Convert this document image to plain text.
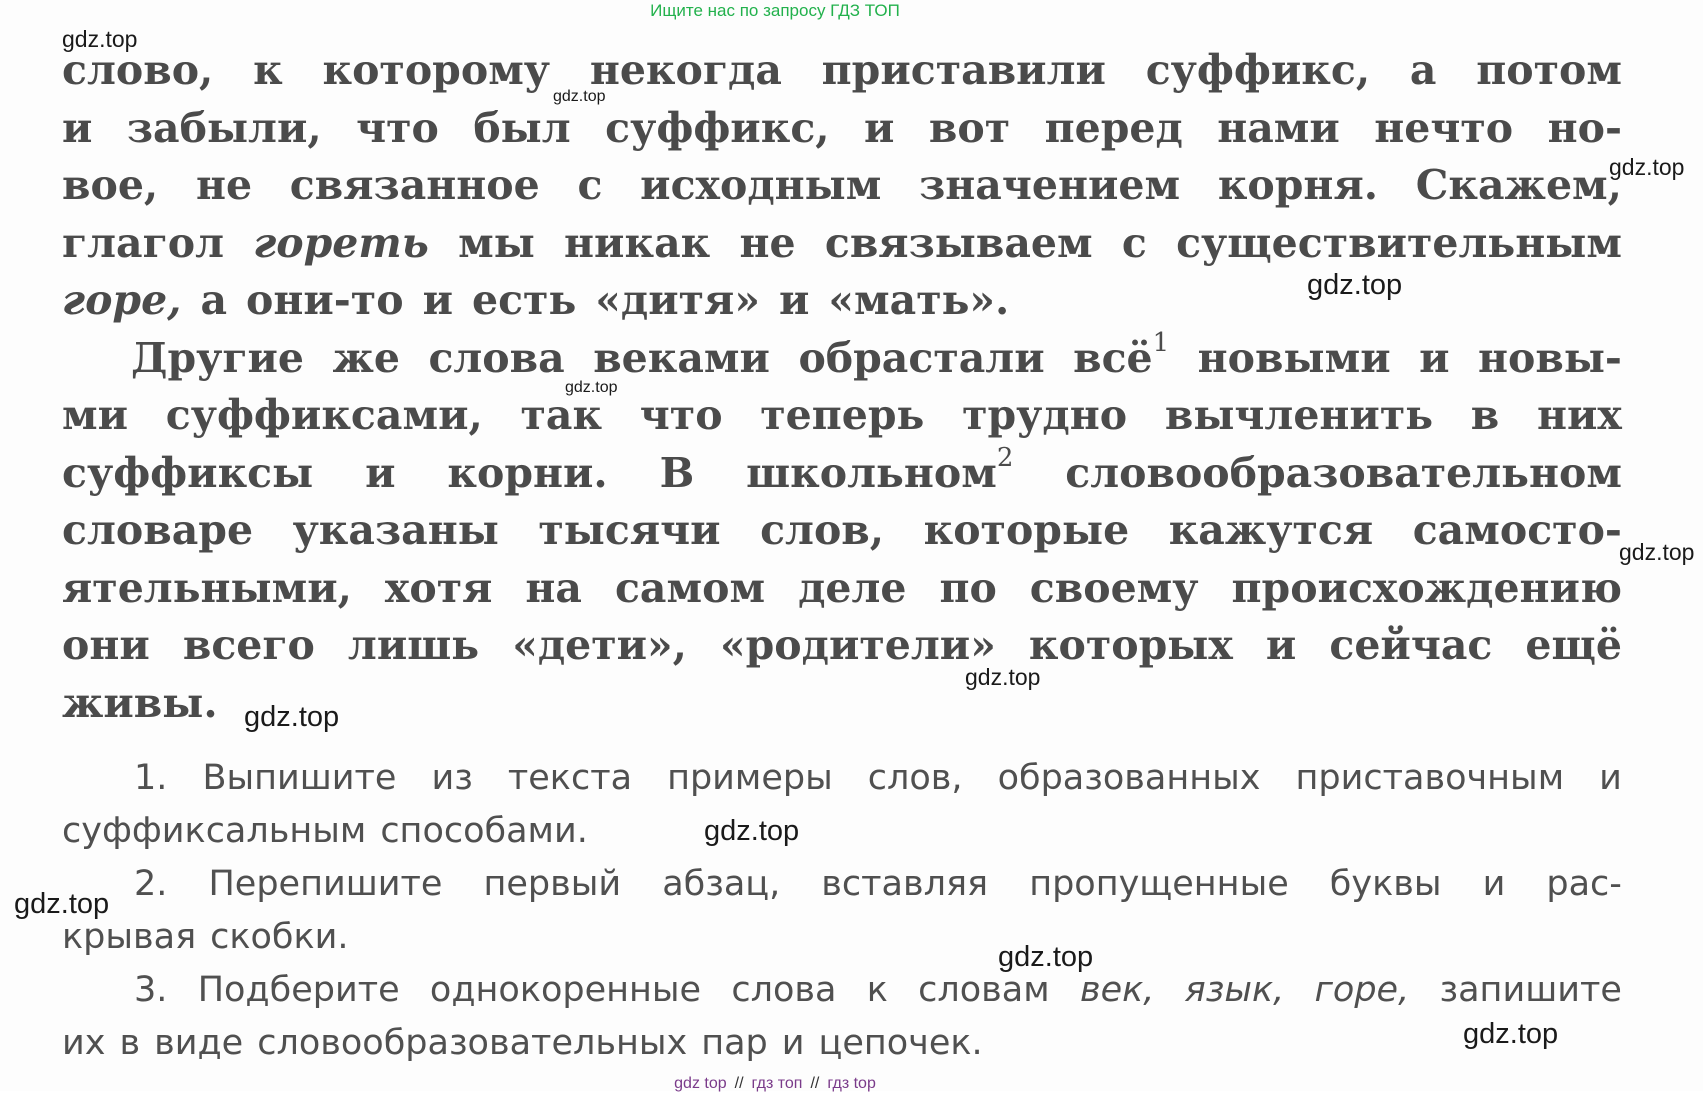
Ищите нас по запросу ГДЗ ТОП
слово, к которому некогда приставили суффикс, а потом
и забыли, что был суффикс, и вот перед нами нечто но-
вое, не связанное с исходным значением корня. Скажем,
глагол гореть мы никак не связываем с существительным
горе, а они-то и есть «дитя» и «мать».
Другие же слова веками обрастали всё$^1$ новыми и новы-
ми суффиксами, так что теперь трудно вычленить в них
суффиксы и корни. В школьном$^2$ словообразовательном
словаре указаны тысячи слов, которые кажутся самосто-
ятельными, хотя на самом деле по своему происхождению
они всего лишь «дети», «родители» которых и сейчас ещё
живы.
1. Выпишите из текста примеры слов, образованных приставочным и
суффиксальным способами.
2. Перепишите первый абзац, вставляя пропущенные буквы и рас-
крывая скобки.
3. Подберите однокоренные слова к словам век, язык, горе, запишите
их в виде словообразовательных пар и цепочек.
gdz.top
gdz.top
gdz.top
gdz.top
gdz.top
gdz.top
gdz.top
gdz.top
gdz.top
gdz.top
gdz.top
gdz.top
gdz top // гдз топ // гдз top
